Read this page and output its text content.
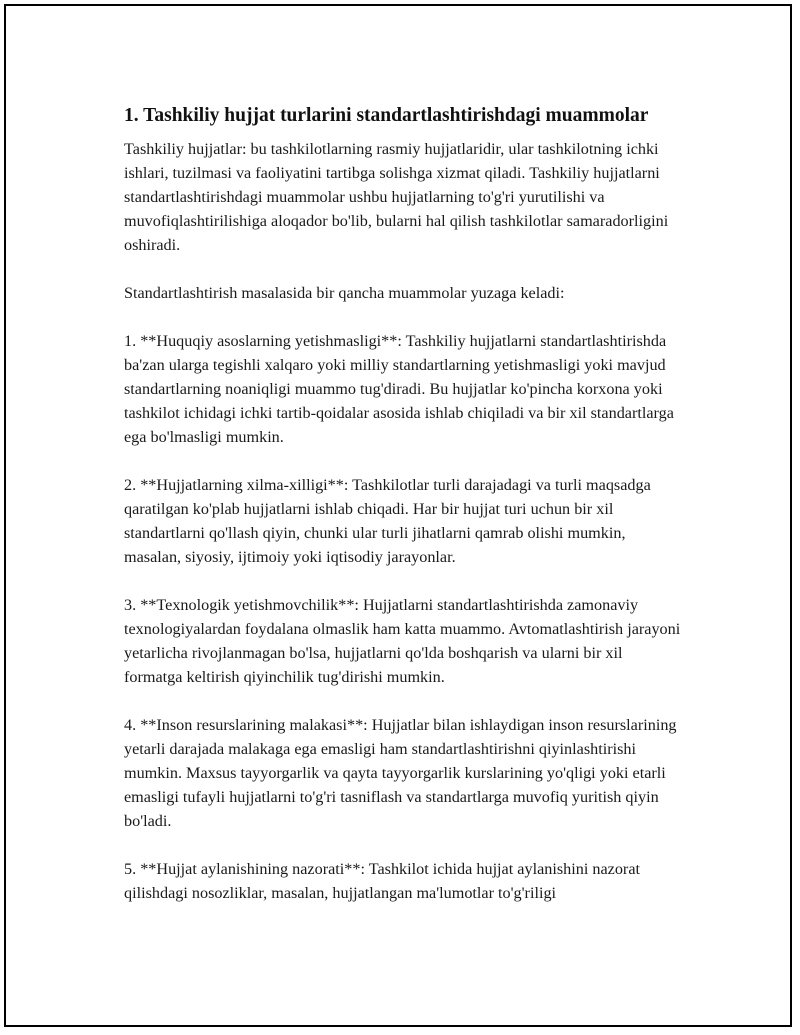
1. Tashkiliy hujjat turlarini standartlashtirishdagi muammolar

Tashkiliy hujjatlar: bu tashkilotlarning rasmiy hujjatlaridir, ular tashkilotning ichki ishlari, tuzilmasi va faoliyatini tartibga solishga xizmat qiladi. Tashkiliy hujjatlarni standartlashtirishdagi muammolar ushbu hujjatlarning to'g'ri yurutilishi va muvofiqlashtirilishiga aloqador bo'lib, bularni hal qilish tashkilotlar samaradorligini oshiradi.

Standartlashtirish masalasida bir qancha muammolar yuzaga keladi:

1. **Huquqiy asoslarning yetishmasligi**: Tashkiliy hujjatlarni standartlashtirishda ba'zan ularga tegishli xalqaro yoki milliy standartlarning yetishmasligi yoki mavjud standartlarning noaniqligi muammo tug'diradi. Bu hujjatlar ko'pincha korxona yoki tashkilot ichidagi ichki tartib-qoidalar asosida ishlab chiqiladi va bir xil standartlarga ega bo'lmasligi mumkin.

2. **Hujjatlarning xilma-xilligi**: Tashkilotlar turli darajadagi va turli maqsadga qaratilgan ko'plab hujjatlarni ishlab chiqadi. Har bir hujjat turi uchun bir xil standartlarni qo'llash qiyin, chunki ular turli jihatlarni qamrab olishi mumkin, masalan, siyosiy, ijtimoiy yoki iqtisodiy jarayonlar.

3. **Texnologik yetishmovchilik**: Hujjatlarni standartlashtirishda zamonaviy texnologiyalardan foydalana olmaslik ham katta muammo. Avtomatlashtirish jarayoni yetarlicha rivojlanmagan bo'lsa, hujjatlarni qo'lda boshqarish va ularni bir xil formatga keltirish qiyinchilik tug'dirishi mumkin.

4. **Inson resurslarining malakasi**: Hujjatlar bilan ishlaydigan inson resurslarining yetarli darajada malakaga ega emasligi ham standartlashtirishni qiyinlashtirishi mumkin. Maxsus tayyorgarlik va qayta tayyorgarlik kurslarining yo'qligi yoki etarli emasligi tufayli hujjatlarni to'g'ri tasniflash va standartlarga muvofiq yuritish qiyin bo'ladi.

5. **Hujjat aylanishining nazorati**: Tashkilot ichida hujjat aylanishini nazorat qilishdagi nosozliklar, masalan, hujjatlangan ma'lumotlar to'g'riligi
